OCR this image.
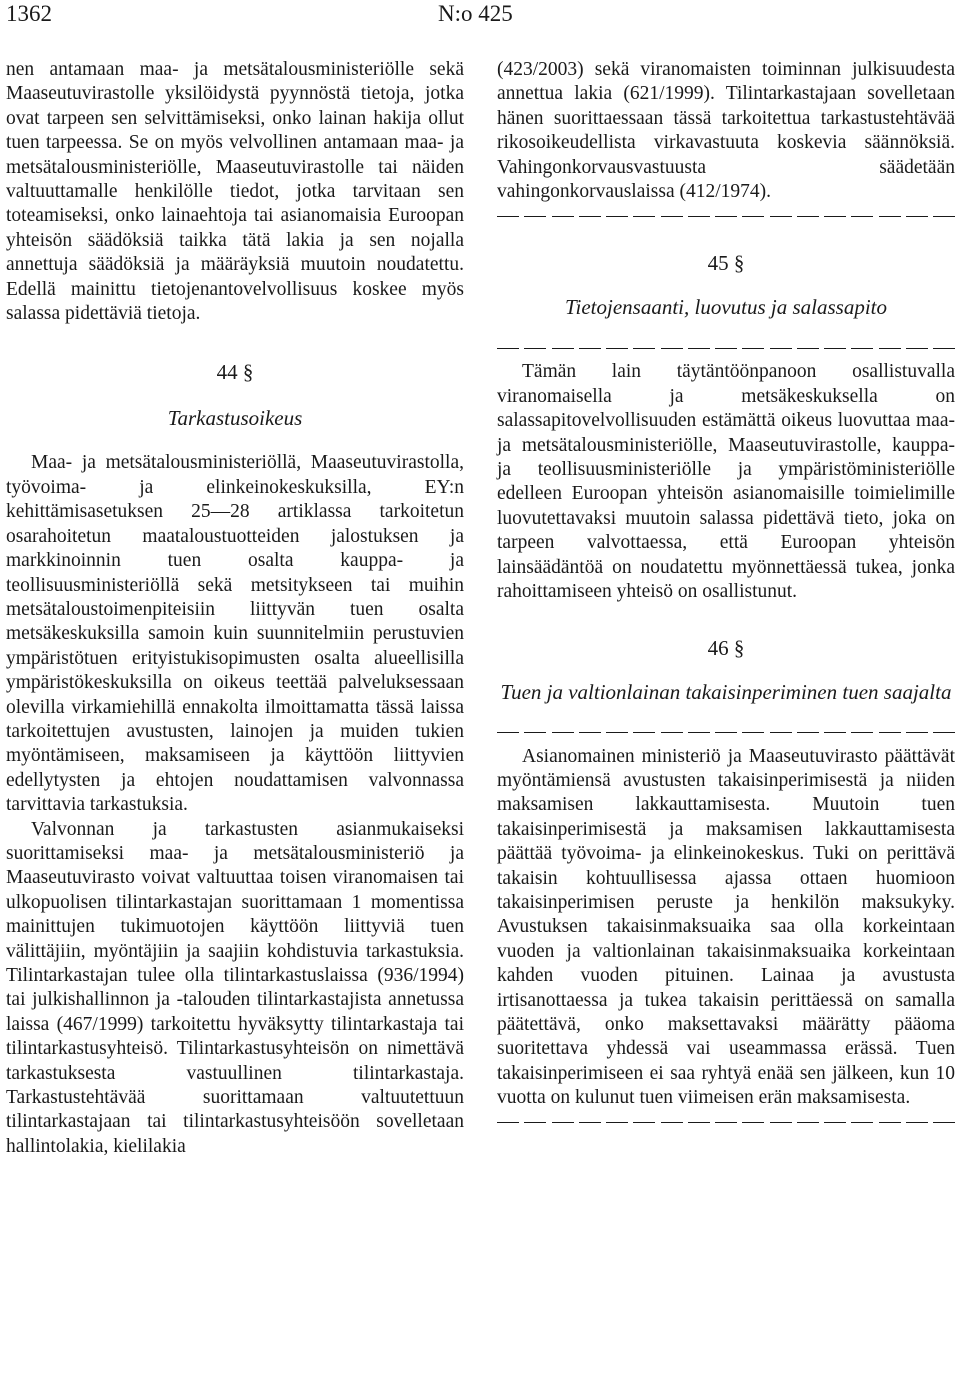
1362	N:o 425

nen antamaan maa- ja metsätalousministeriölle sekä Maaseutuvirastolle yksilöidystä pyynnöstä tietoja, jotka ovat tarpeen sen selvittämiseksi, onko lainan hakija ollut tuen tarpeessa. Se on myös velvollinen antamaan maa- ja metsätalousministeriölle, Maaseutuvirastolle tai näiden valtuuttamalle henkilölle tiedot, jotka tarvitaan sen toteamiseksi, onko lainaehtoja tai asianomaisia Euroopan yhteisön säädöksiä taikka tätä lakia ja sen nojalla annettuja säädöksiä ja määräyksiä muutoin noudatettu. Edellä mainittu tietojenantovelvollisuus koskee myös salassa pidettäviä tietoja.

44 §

Tarkastusoikeus

Maa- ja metsätalousministeriöllä, Maaseutuvirastolla, työvoima- ja elinkeinokeskuksilla, EY:n kehittämisasetuksen 25—28 artiklassa tarkoitetun osarahoitetun maataloustuotteiden jalostuksen ja markkinoinnin tuen osalta kauppa- ja teollisuusministeriöllä sekä metsitykseen tai muihin metsätaloustoimenpiteisiin liittyvän tuen osalta metsäkeskuksilla samoin kuin suunnitelmiin perustuvien ympäristötuen erityistukisopimusten osalta alueellisilla ympäristökeskuksilla on oikeus teettää palveluksessaan olevilla virkamiehillä ennakolta ilmoittamatta tässä laissa tarkoitettujen avustusten, lainojen ja muiden tukien myöntämiseen, maksamiseen ja käyttöön liittyvien edellytysten ja ehtojen noudattamisen valvonnassa tarvittavia tarkastuksia.

Valvonnan ja tarkastusten asianmukaiseksi suorittamiseksi maa- ja metsätalousministeriö ja Maaseutuvirasto voivat valtuuttaa toisen viranomaisen tai ulkopuolisen tilintarkastajan suorittamaan 1 momentissa mainittujen tukimuotojen käyttöön liittyviä tuen välittäjiin, myöntäjiin ja saajiin kohdistuvia tarkastuksia. Tilintarkastajan tulee olla tilintarkastuslaissa (936/1994) tai julkishallinnon ja -talouden tilintarkastajista annetussa laissa (467/1999) tarkoitettu hyväksytty tilintarkastaja tai tilintarkastusyhteisö. Tilintarkastusyhteisön on nimettävä tarkastuksesta vastuullinen tilintarkastaja. Tarkastustehtävää suorittamaan valtuutettuun tilintarkastajaan tai tilintarkastusyhteisöön sovelletaan hallintolakia, kielilakia

(423/2003) sekä viranomaisten toiminnan julkisuudesta annettua lakia (621/1999). Tilintarkastajaan sovelletaan hänen suorittaessaan tässä tarkoitettua tarkastustehtävää rikosoikeudellista virkavastuuta koskevia säännöksiä. Vahingonkorvausvastuusta säädetään vahingonkorvauslaissa (412/1974).

45 §

Tietojensaanti, luovutus ja salassapito

Tämän lain täytäntöönpanoon osallistuvalla viranomaisella ja metsäkeskuksella on salassapitovelvollisuuden estämättä oikeus luovuttaa maa- ja metsätalousministeriölle, Maaseutuvirastolle, kauppa- ja teollisuusministeriölle ja ympäristöministeriölle edelleen Euroopan yhteisön asianomaisille toimielimille luovutettavaksi muutoin salassa pidettävä tieto, joka on tarpeen valvottaessa, että Euroopan yhteisön lainsäädäntöä on noudatettu myönnettäessä tukea, jonka rahoittamiseen yhteisö on osallistunut.

46 §

Tuen ja valtionlainan takaisinperiminen tuen saajalta

Asianomainen ministeriö ja Maaseutuvirasto päättävät myöntämiensä avustusten takaisinperimisestä ja niiden maksamisen lakkauttamisesta. Muutoin tuen takaisinperimisestä ja maksamisen lakkauttamisesta päättää työvoima- ja elinkeinokeskus. Tuki on perittävä takaisin kohtuullisessa ajassa ottaen huomioon takaisinperimisen peruste ja henkilön maksukyky. Avustuksen takaisinmaksuaika saa olla korkeintaan vuoden ja valtionlainan takaisinmaksuaika korkeintaan kahden vuoden pituinen. Lainaa ja avustusta irtisanottaessa ja tukea takaisin perittäessä on samalla päätettävä, onko maksettavaksi määrätty pääoma suoritettava yhdessä vai useammassa erässä. Tuen takaisinperimiseen ei saa ryhtyä enää sen jälkeen, kun 10 vuotta on kulunut tuen viimeisen erän maksamisesta.
